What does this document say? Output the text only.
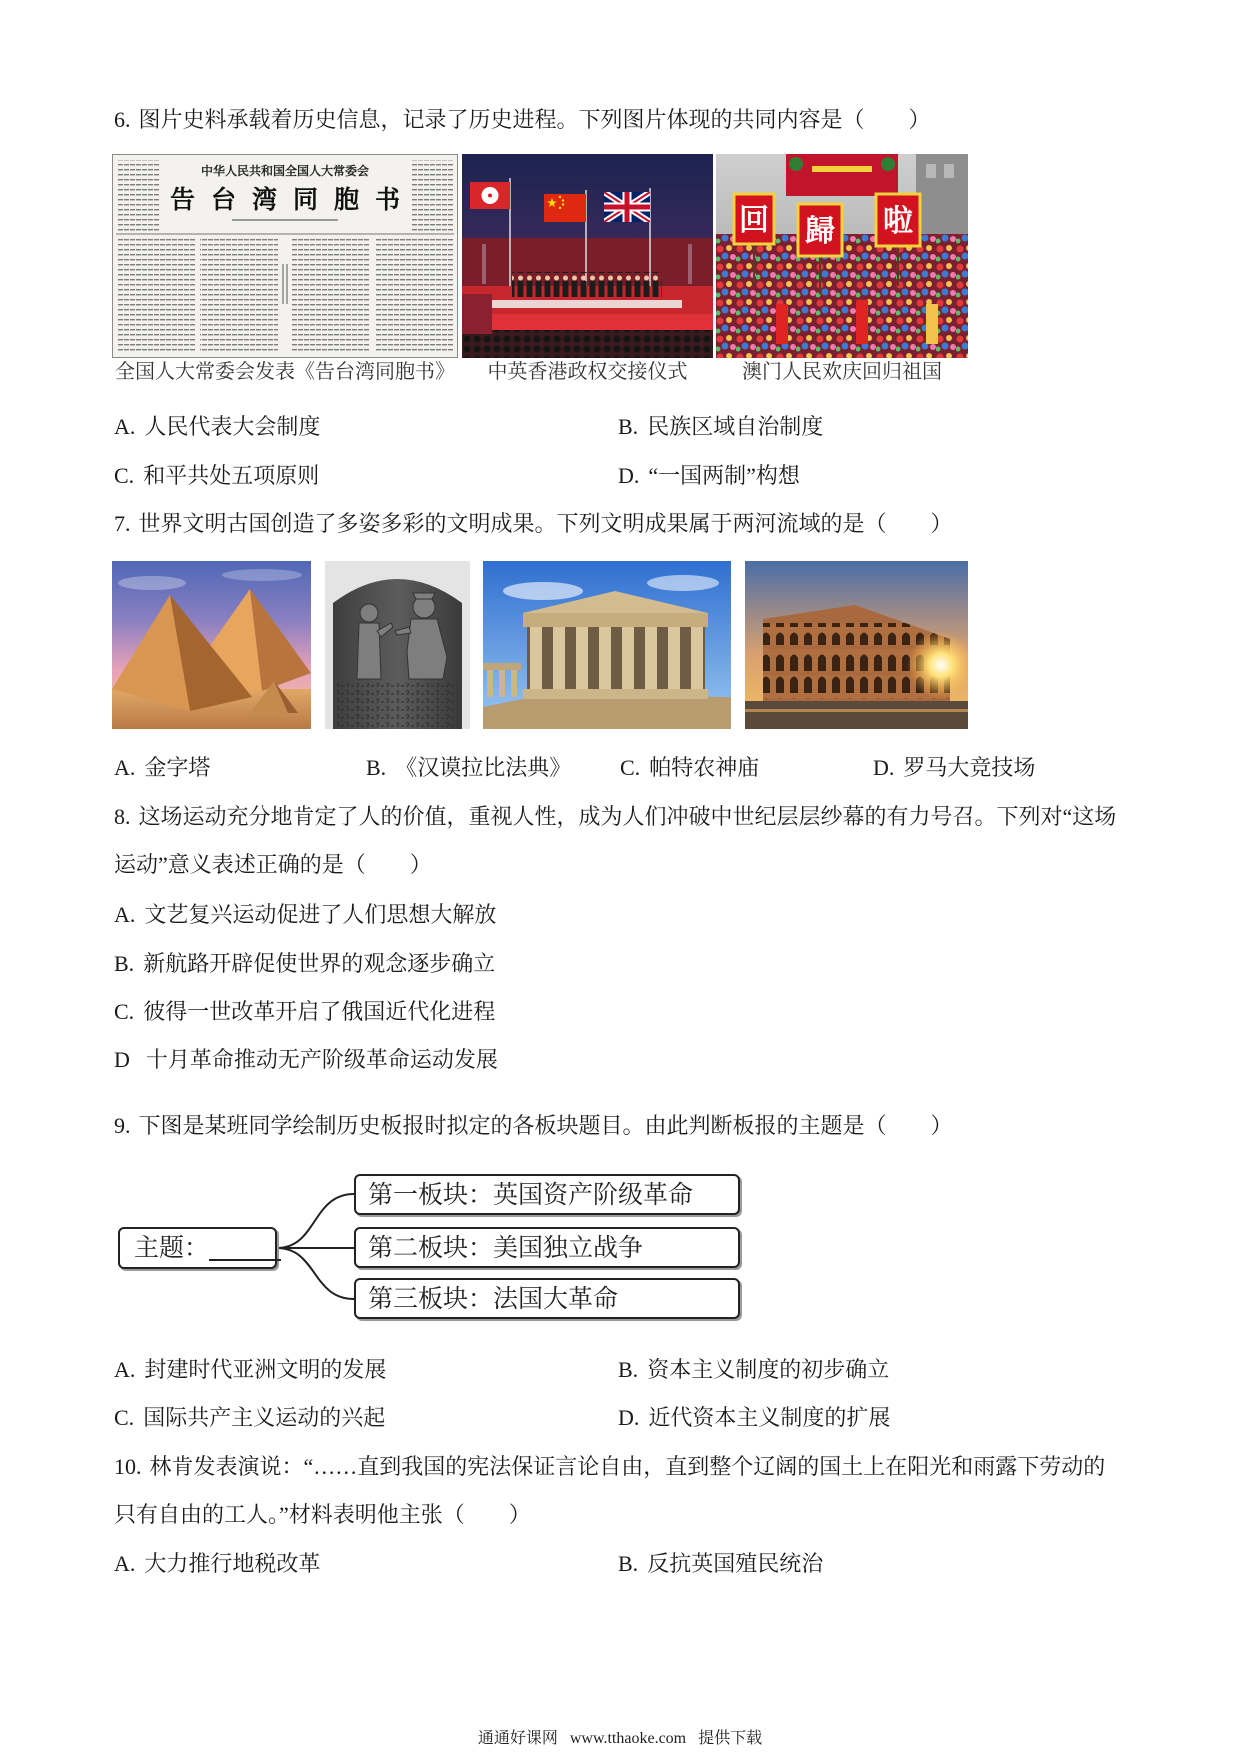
6. 图片史料承载着历史信息，记录了历史进程。下列图片体现的共同内容是（　　）
中华人民共和国全国人大常委会
告台湾同胞书
全国人大常委会发表《告台湾同胞书》	中英香港政权交接仪式
回 歸 啦
澳门人民欢庆回归祖国
A. 人民代表大会制度	B. 民族区域自治制度
C. 和平共处五项原则	D. “一国两制”构想
7. 世界文明古国创造了多姿多彩的文明成果。下列文明成果属于两河流域的是（　　）
A. 金字塔	B. 《汉谟拉比法典》 C. 帕特农神庙	D. 罗马大竞技场
8. 这场运动充分地肯定了人的价值，重视人性，成为人们冲破中世纪层层纱幕的有力号召。下列对“这场
运动”意义表述正确的是（　　）
A. 文艺复兴运动促进了人们思想大解放
B. 新航路开辟促使世界的观念逐步确立
C. 彼得一世改革开启了俄国近代化进程
D 十月革命推动无产阶级革命运动发展
9. 下图是某班同学绘制历史板报时拟定的各板块题目。由此判断板报的主题是（　　）
主题：
第一板块：英国资产阶级革命
第二板块：美国独立战争
第三板块：法国大革命
A. 封建时代亚洲文明的发展	B. 资本主义制度的初步确立
C. 国际共产主义运动的兴起	D. 近代资本主义制度的扩展
10. 林肯发表演说：“……直到我国的宪法保证言论自由，直到整个辽阔的国土上在阳光和雨露下劳动的
只有自由的工人。”材料表明他主张（　　）
A. 大力推行地税改革	B. 反抗英国殖民统治
通通好课网   www.tthaoke.com   提供下载
